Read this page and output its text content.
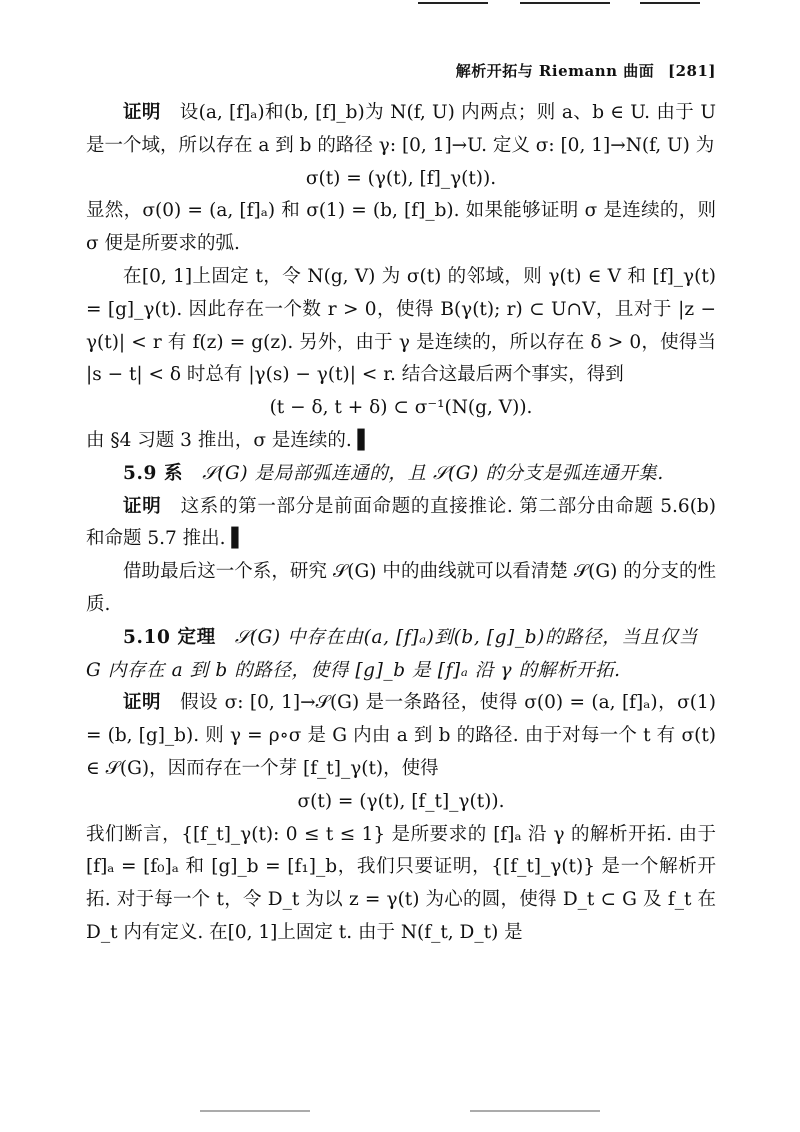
解析开拓与 Riemann 曲面 [281]

证明　 设(a, [f]ₐ)和(b, [f]_b)为 N(f, U) 内两点；则 a、b ∈ U. 由于 U 是一个域，所以存在 a 到 b 的路径 γ: [0, 1]→U. 定义 σ: [0, 1]→N(f, U) 为

σ(t) = (γ(t), [f]_γ(t)).

显然，σ(0) = (a, [f]ₐ) 和 σ(1) = (b, [f]_b). 如果能够证明 σ 是连续的，则 σ 便是所要求的弧.

在[0, 1]上固定 t，令 N(g, V) 为 σ(t) 的邻域，则 γ(t) ∈ V 和 [f]_γ(t) = [g]_γ(t). 因此存在一个数 r > 0，使得 B(γ(t); r) ⊂ U∩V，且对于 |z − γ(t)| < r 有 f(z) = g(z). 另外，由于 γ 是连续的，所以存在 δ > 0，使得当 |s − t| < δ 时总有 |γ(s) − γ(t)| < r. 结合这最后两个事实，得到

(t − δ, t + δ) ⊂ σ⁻¹(N(g, V)).

由 §4 习题 3 推出，σ 是连续的. ▌

5.9 系　 𝒮(G) 是局部弧连通的，且 𝒮(G) 的分支是弧连通开集.

证明　 这系的第一部分是前面命题的直接推论. 第二部分由命题 5.6(b) 和命题 5.7 推出. ▌

借助最后这一个系，研究 𝒮(G) 中的曲线就可以看清楚 𝒮(G) 的分支的性质.

5.10 定理　 𝒮(G) 中存在由(a, [f]ₐ)到(b, [g]_b)的路径，当且仅当 G 内存在 a 到 b 的路径，使得 [g]_b 是 [f]ₐ 沿 γ 的解析开拓.

证明　 假设 σ: [0, 1]→𝒮(G) 是一条路径，使得 σ(0) = (a, [f]ₐ)，σ(1) = (b, [g]_b). 则 γ = ρ∘σ 是 G 内由 a 到 b 的路径. 由于对每一个 t 有 σ(t) ∈ 𝒮(G)，因而存在一个芽 [f_t]_γ(t)，使得

σ(t) = (γ(t), [f_t]_γ(t)).

我们断言，{[f_t]_γ(t): 0 ≤ t ≤ 1} 是所要求的 [f]ₐ 沿 γ 的解析开拓. 由于 [f]ₐ = [f₀]ₐ 和 [g]_b = [f₁]_b，我们只要证明，{[f_t]_γ(t)} 是一个解析开拓. 对于每一个 t，令 D_t 为以 z = γ(t) 为心的圆，使得 D_t ⊂ G 及 f_t 在 D_t 内有定义. 在[0, 1]上固定 t. 由于 N(f_t, D_t) 是
